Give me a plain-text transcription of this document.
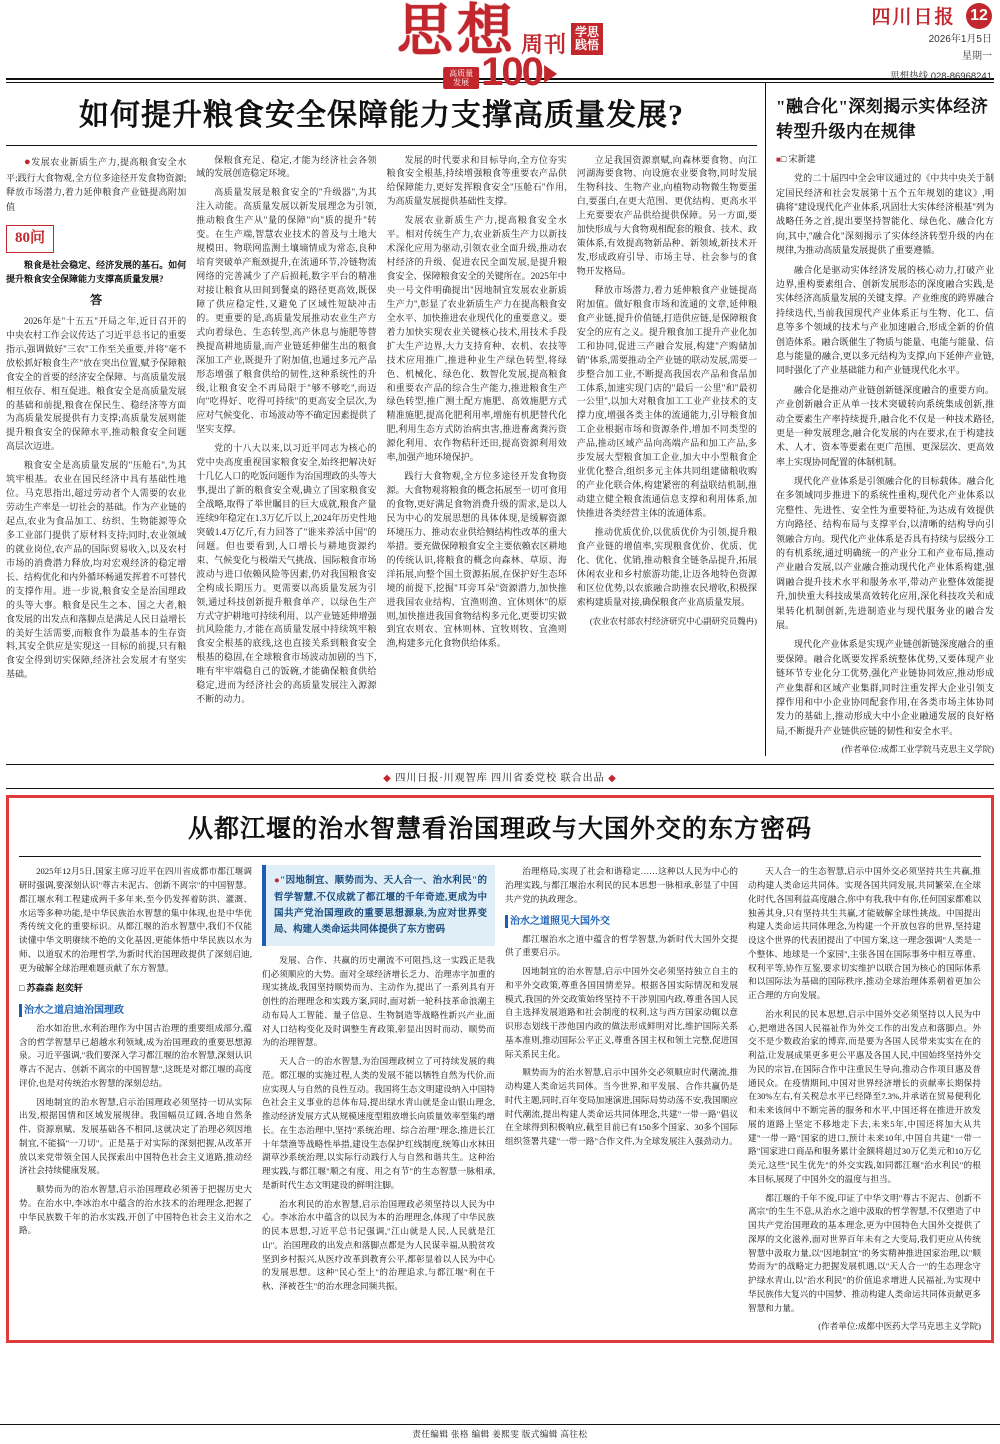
思想 周刊 学思
践悟
四川日报 12
2026年1月5日
星期一
思想热线 028-86968241
高质量发展 100
如何提升粮食安全保障能力支撑高质量发展?

●发展农业新质生产力,提高粮食安全水平;践行大食物观,全方位多途径开发食物资源;释放市场潜力,着力延伸粮食产业链提高附加值

80问

粮食是社会稳定、经济发展的基石。如何提升粮食安全保障能力支撑高质量发展?

答

2026年是"十五五"开局之年,近日召开的中央农村工作会议传达了习近平总书记的重要指示,强调做好"三农"工作至关重要,并将"毫不放松抓好粮食生产"放在突出位置,赋予保障粮食安全的首要的经济安全保障、与高质量发展相互依存、相互促进。粮食安全是高质量发展的基础和前提,粮食在保民生、稳经济等方面为高质量发展提供有力支撑;高质量发展则能提升粮食安全的保障水平,推动粮食安全问题高层次迈进。

粮食安全是高质量发展的"压舱石",为其筑牢根基。农业在国民经济中具有基础性地位。马克思指出,超过劳动者个人需要的农业劳动生产率是一切社会的基础。作为产业链的起点,农业为食品加工、纺织、生物能源等众多工业部门提供了原材料支持;同时,农业领域的就业岗位,农产品的国际贸易收入,以及农村市场的消费潜力释放,均对宏观经济的稳定增长、结构优化和内外循环畅通发挥着不可替代的支撑作用。进一步说,粮食安全是治国理政的头等大事。粮食是民生之本、国之大者,粮食发展的出发点和落脚点是满足人民日益增长的美好生活需要,而粮食作为最基本的生存资料,其安全供应是实现这一目标的前提,只有粮食安全得到切实保障,经济社会发展才有坚实基础。

保粮食充足、稳定,才能为经济社会各领域的发展创造稳定环境。

高质量发展是粮食安全的"升级器",为其注入动能。高质量发展以新发展理念为引领,推动粮食生产从"量的保障"向"质的提升"转变。在生产端,智慧农业技术的普及与土地大规模田、物联网监测土壤墒情成为常态,良种培育突破单产瓶颈提升,在流通环节,冷链物流网络的完善减少了产后损耗,数字平台的精准对接让粮食从田间到餐桌的路径更高效,既保障了供应稳定性,又避免了区域性短缺冲击的。更重要的是,高质量发展推动农业生产方式向着绿色、生态转型,高产休息与施肥等替换提高耕地质量,而产业链延伸催生出的粮食深加工产业,既提升了附加值,也通过多元产品形态增强了粮食供给的韧性,这种系统性的升级,让粮食安全不再局限于"够不够吃",而迈向"吃得好、吃得可持续"的更高安全层次,为应对气候变化、市场波动等不确定因素提供了坚实支撑。

党的十八大以来,以习近平同志为核心的党中央高度重视国家粮食安全,始终把解决好十几亿人口的吃饭问题作为治国理政的头等大事,提出了新的粮食安全观,确立了国家粮食安全战略,取得了举世瞩目的巨大成就,粮食产量连续9年稳定在1.3万亿斤以上,2024年历史性地突破1.4万亿斤,有力回答了"谁来养活中国"的问题。但也要看到,人口增长与耕地资源约束、气候变化与极端天气挑战、国际粮食市场波动与进口依赖风险等因素,仍对我国粮食安全构成长期压力。更需要以高质量发展为引领,通过科技创新提升粮食单产、以绿色生产方式守护耕地可持续利用、以产业链延伸增强抗风险能力,才能在高质量发展中持续筑牢粮食安全根基的底线,这也直接关系到粮食安全根基的稳固,在全球粮食市场波动加剧的当下,唯有牢牢端稳自己的饭碗,才能确保粮食供给稳定,进而为经济社会的高质量发展注入源源不断的动力。

发展的时代要求和目标导向,全方位夯实粮食安全根基,持续增强粮食等重要农产品供给保障能力,更好发挥粮食安全"压舱石"作用,为高质量发展提供基础性支撑。

发展农业新质生产力,提高粮食安全水平。相对传统生产力,农业新质生产力以新技术深化应用为驱动,引领农业全面升级,推动农村经济的升级、促进农民全面发展,是提升粮食安全、保障粮食安全的关键所在。2025年中央一号文件明确提出"因地制宜发展农业新质生产力",彰显了农业新质生产力在提高粮食安全水平、加快推进农业现代化的重要意义。要着力加快实现农业关键核心技术,用技术手段扩大生产边界,大力支持育种、农机、农技等技术应用推广,推进种业生产绿色转型,将绿色、机械化、绿色化、数智化发展,提高粮食和重要农产品的综合生产能力,推进粮食生产绿色转型,推广测土配方施肥、高效施肥方式精准施肥,提高化肥利用率,增施有机肥替代化肥,利用生态方式防治病虫害,推进畜禽粪污资源化利用、农作物秸秆还田,提高资源利用效率,加强产地环境保护。

践行大食物观,全方位多途径开发食物资源。大食物观将粮食的概念拓展至一切可食用的食物,更好满足食物消费升级的需求,是以人民为中心的发展思想的具体体现,是缓解资源环境压力、推动农业供给侧结构性改革的重大举措。要充做保障粮食安全主要依赖农区耕地的传统认识,将粮食的概念向森林、草原、海洋拓展,向整个国土资源拓展,在保护好生态环境的前提下,挖掘"耳旁耳朵"资源潜力,加快推进我国农业结构、宜渔则渔、宜休则休"的原则,加快推进我国食物结构多元化,更要切实做到宜农则农、宜林则林、宜牧则牧、宜渔则渔,构建多元化食物供给体系。

立足我国资源禀赋,向森林要食物、向江河湖海要食物、向设施农业要食物,同时发展生物科技、生物产业,向植物动物微生物要蛋白,要蛋白,在更大范围、更优结构、更高水平上充要要农产品供给提供保障。另一方面,要加快形成与大食物观相配套的粮食、技术、政策体系,有效提高物新品种、新领域,新技术开发,形成政府引导、市场主导、社会参与的食物开发格局。

释放市场潜力,着力延伸粮食产业链提高附加值。做好粮食市场和流通的文章,延伸粮食产业链,提升价值链,打造供应链,是保障粮食安全的应有之义。提升粮食加工提升产业化加工和协同,促进三产融合发展,构建"产购储加销"体系,需要推动全产业链的联动发展,需要一步整合加工业,不断提高我国农产品和食品加工体系,加速实现门店的"最后一公里"和"最初一公里",以加大对粮食加工工业产业技术的支撑力度,增强各类主体的流通能力,引导粮食加工企业根据市场和资源条件,增加不同类型的产品,推动区域产品向高端产品和加工产品,多步发展大型粮食加工企业,加大中小型粮食企业优化整合,组织多元主体共同组建储粮收购的产业化联合体,构建紧密的利益联结机制,推动建立健全粮食流通信息支撑和利用体系,加快推进各类经营主体的流通体系。

推动优质优价,以优质优价为引领,提升粮食产业链的增值率,实现粮食优价、优质、优化、优化、优销,推动粮食全链条品提升,拓展休闲农业和乡村旅游功能,让迈各地特色资源和区位优势,以农旅融合助推农民增收,积极探索构建质量对接,确保粮食产业高质量发展。

(农业农村部农村经济研究中心副研究员魏冉)
"融合化"深刻揭示实体经济转型升级内在规律
■□ 宋新建

党的二十届四中全会审议通过的《中共中央关于制定国民经济和社会发展第十五个五年规划的建议》,明确将"建设现代化产业体系,巩固壮大实体经济根基"列为战略任务之首,提出要坚持智能化、绿色化、融合化方向,其中,"融合化"深刻揭示了实体经济转型升级的内在规律,为推动高质量发展提供了重要遵循。

融合化是驱动实体经济发展的核心动力,打破产业边界,重构要素组合、创新发展形态的深度融合实践,是实体经济高质量发展的关键支撑。产业维度的跨界融合持续迭代,当前我国现代产业体系正与生物、化工、信息等多个领域的技术与产业加速融合,形成全新的价值创造体系。融合既催生了物质与能量、电能与能量、信息与能量的融合,更以多元结构为支撑,向下延伸产业链,同时强化了产业基础能力和产业链现代化水平。

融合化是推动产业链创新链深度融合的重要方向。产业创新融合正从单一技术突破转向系统集成创新,推动全要素生产率持续提升,融合化不仅是一种技术路径,更是一种发展理念,融合化发展的内在要求,在于构建技术、人才、资本等要素在更广范围、更深层次、更高效率上实现协同配置的体制机制。

现代化产业体系是引领融合化的目标载体。融合化在多领域同步推进下的系统性重构,现代化产业体系以完整性、先进性、安全性为重要特征,为达成有效提供方向路径、结构布局与支撑平台,以清晰的结构导向引领融合方向。现代化产业体系是否具有持续与层级分工的有机系统,通过明确统一的产业分工和产业布局,推动产业融合发展,以产业融合推动现代化产业体系构建,强调融合提升技术水平和服务水平,带动产业整体效能提升,加快重大科技成果高效转化应用,深化科技攻关和成果转化机制创新,先进制造业与现代服务业的融合发展。

现代化产业体系是实现产业链创新链深度融合的重要保障。融合化既要发挥系统整体优势,又要体现产业链环节专业化分工优势,强化产业链协同效应,推动形成产业集群和区域产业集群,同时注重发挥大企业引领支撑作用和中小企业协同配套作用,在各类市场主体协同发力的基础上,推动形成大中小企业融通发展的良好格局,不断提升产业链供应链的韧性和安全水平。

(作者单位:成都工业学院马克思主义学院)
◆ 四川日报·川观智库 四川省委党校 联合出品 ◆
从都江堰的治水智慧看治国理政与大国外交的东方密码

2025年12月5日,国家主席习近平在四川省成都市都江堰调研时强调,要深刻认识"尊古未泥古、创新不离宗"的中国智慧。都江堰水利工程建成两千多年来,至今仍发挥着防洪、灌溉、水运等多种功能,是中华民族治水智慧的集中体现,也是中华优秀传统文化的重要标识。从都江堰的治水智慧中,我们不仅能读懂中华文明赓续不绝的文化基因,更能体悟中华民族以水为师、以道驭术的治理哲学,为新时代治国理政提供了深刻启迪,更为破解全球治理难题贡献了东方智慧。

□ 苏森森 赵奕轩
治水之道启迪治国理政

治水如治世,水利治理作为中国古治理的重要组成部分,蕴含的哲学智慧早已超越水利领域,成为治国理政的重要思想源泉。习近平强调,"我们要深入学习都江堰的治水智慧,深刻认识尊古不泥古、创新不离宗的中国智慧",这既是对都江堰的高度评价,也是对传统治水智慧的深刻总结。

因地制宜的治水智慧,启示治国理政必须坚持一切从实际出发,根据国情和区域发展规律。我国幅员辽阔,各地自然条件、资源禀赋、发展基础各不相同,这就决定了治理必须因地制宜,不能搞"一刀切"。正是基于对实际的深刻把握,从改革开放以来党带领全国人民探索出中国特色社会主义道路,推动经济社会持续健康发展。

顺势而为的治水智慧,启示治国理政必须善于把握历史大势。在治水中,李冰治水中蕴含的治水技术的治理理念,把握了中华民族数千年的治水实践,开创了中国特色社会主义治水之路。

●"因地制宜、顺势而为、天人合一、治水利民"的哲学智慧,不仅成就了都江堰的千年奇迹,更成为中国共产党治国理政的重要思想源泉,为应对世界变局、构建人类命运共同体提供了东方密码

发展、合作、共赢的历史潮流不可阻挡,这一实践正是我们必须顺应的大势。面对全球经济增长乏力、治理赤字加重的现实挑战,我国坚持顺势而为、主动作为,提出了一系列具有开创性的治理理念和实践方案,同时,面对新一轮科技革命浪潮主动布局人工智能、量子信息、生物制造等战略性新兴产业,面对人口结构变化及时调整生育政策,彰显出因时而动、顺势而为的治理智慧。

天人合一的治水智慧,为治国理政树立了可持续发展的典范。都江堰的实施过程,人类的发展不能以牺牲自然为代价,而应实现人与自然的良性互动。我国将生态文明建设纳入中国特色社会主义事业的总体布局,提出绿水青山就是金山银山理念,推动经济发展方式从规模速度型粗放增长向质量效率型集约增长。在生态治理中,坚持"系统治理、综合治理"理念,推进长江十年禁渔等战略性举措,建设生态保护红线制度,统筹山水林田湖草沙系统治理,以实际行动践行人与自然和谐共生。这种治理实践,与都江堰"顺之有度、用之有节"的生态智慧一脉相承,是新时代生态文明建设的鲜明注脚。

治水利民的治水智慧,启示治国理政必须坚持以人民为中心。李冰治水中蕴含的以民为本的治理理念,体现了中华民族的民本思想,习近平总书记强调,"江山就是人民,人民就是江山"。治国理政的出发点和落脚点都是为人民谋幸福,从脱贫攻坚到乡村振兴,从医疗改革到教育公平,都彰显着以人民为中心的发展思想。这种"民心至上"的治理追求,与都江堰"利在千秋、泽被苍生"的治水理念同频共振。

治理格局,实现了社会和谐稳定……这种以人民为中心的治理实践,与都江堰治水利民的民本思想一脉相承,彰显了中国共产党的执政理念。

治水之道照见大国外交

都江堰治水之道中蕴含的哲学智慧,为新时代大国外交提供了重要启示。

因地制宜的治水智慧,启示中国外交必须坚持独立自主的和平外交政策,尊重各国国情差异。根据各国实际情况和发展模式,我国的外交政策始终坚持不干涉别国内政,尊重各国人民自主选择发展道路和社会制度的权利,这与西方国家动辄以意识形态划线干涉他国内政的做法形成鲜明对比,维护国际关系基本准则,推动国际公平正义,尊重各国主权和领土完整,促进国际关系民主化。

顺势而为的治水智慧,启示中国外交必须顺应时代潮流,推动构建人类命运共同体。当今世界,和平发展、合作共赢仍是时代主题,同时,百年变局加速演进,国际局势动荡不安,我国顺应时代潮流,提出构建人类命运共同体理念,共建"一带一路"倡议在全球得到积极响应,截至目前已有150多个国家、30多个国际组织签署共建"一带一路"合作文件,为全球发展注入强劲动力。

天人合一的生态智慧,启示中国外交必须坚持共生共赢,推动构建人类命运共同体。实现各国共同发展,共同繁荣,在全球化时代,各国利益高度融合,你中有我,我中有你,任何国家都难以独善其身,只有坚持共生共赢,才能破解全球性挑战。中国提出构建人类命运共同体理念,为构建一个开放包容的世界,坚持建设这个世界的代表团提出了中国方案,这一理念强调"人类是一个整体、地球是一个家园",主张各国在国际事务中相互尊重、权利平等,协作互鉴,要求切实维护以联合国为核心的国际体系和以国际法为基础的国际秩序,推动全球治理体系朝着更加公正合理的方向发展。

治水利民的民本思想,启示中国外交必须坚持以人民为中心,把增进各国人民福祉作为外交工作的出发点和落脚点。外交不是少数政治家的博弈,而是要为各国人民带来实实在在的利益,让发展成果更多更公平惠及各国人民,中国始终坚持外交为民的宗旨,在国际合作中注重民生导向,推动合作项目惠及普通民众。在疫情期间,中国对世界经济增长的贡献率长期保持在30%左右,有关税总水平已经降至7.3%,并承诺在贸易便利化和未来该间中不断完善的服务和水平,中国还将在推进开放发展的道路上坚定不移地走下去,未来5年,中国还将加大从共建"一带一路"国家的进口,预计未来10年,中国自共建"一带一路"国家进口商品和服务累计金额将超过30万亿美元和10万亿美元,这些"民生优先"的外交实践,如同都江堰"治水利民"的根本目标,展现了中国外交的温度与担当。

都江堰的千年不废,印证了中华文明"尊古不泥古、创新不离宗"的生生不息,从治水之道中汲取的哲学智慧,不仅塑造了中国共产党治国理政的基本理念,更为中国特色大国外交提供了深厚的文化滋养,面对世界百年未有之大变局,我们更应从传统智慧中汲取力量,以"因地制宜"的务实精神推进国家治理,以"顺势而为"的战略定力把握发展机遇,以"天人合一"的生态理念守护绿水青山,以"治水利民"的价值追求增进人民福祉,为实现中华民族伟大复兴的中国梦、推动构建人类命运共同体贡献更多智慧和力量。

(作者单位:成都中医药大学马克思主义学院)
责任编辑 张格 编辑 姜熙雯 版式编辑 高往松
